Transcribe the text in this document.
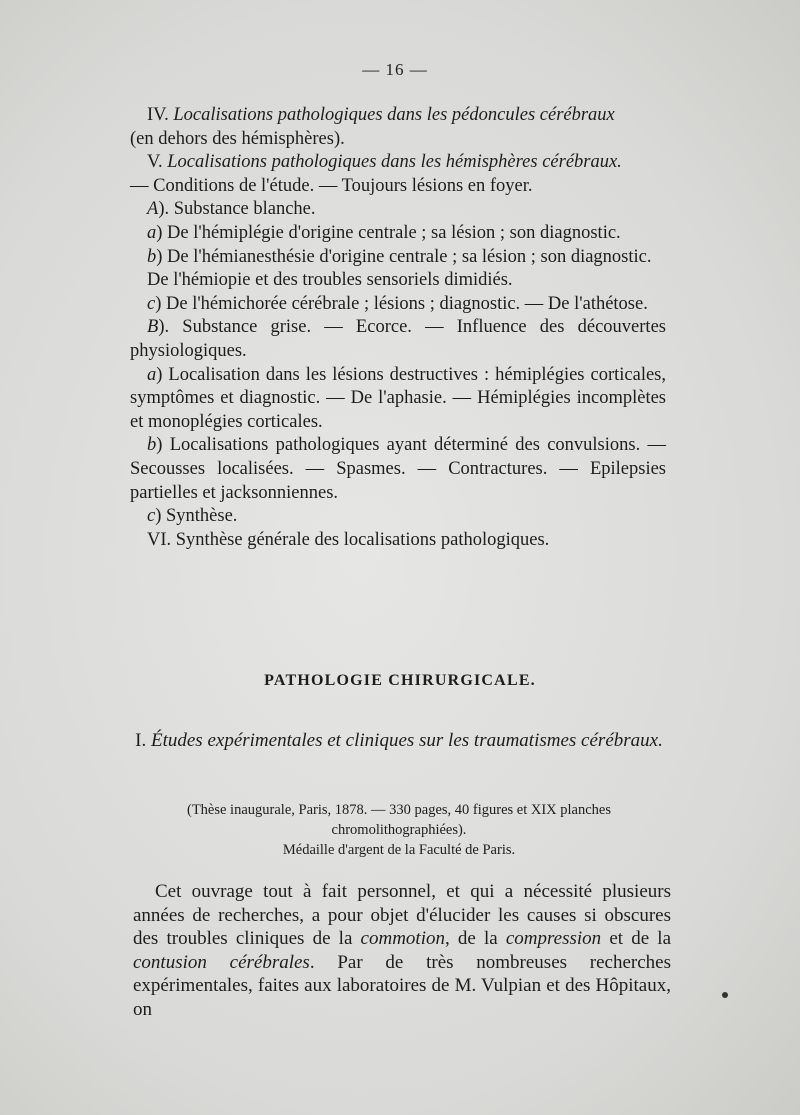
— 16 —

IV. Localisations pathologiques dans les pédoncules cérébraux

(en dehors des hémisphères).

V. Localisations pathologiques dans les hémisphères cérébraux.

— Conditions de l'étude. — Toujours lésions en foyer.

A). Substance blanche.

a) De l'hémiplégie d'origine centrale ; sa lésion ; son diagnostic.

b) De l'hémianesthésie d'origine centrale ; sa lésion ; son diagnostic.

De l'hémiopie et des troubles sensoriels dimidiés.

c) De l'hémichorée cérébrale ; lésions ; diagnostic. — De l'athétose.

B). Substance grise. — Ecorce. — Influence des découvertes physiologiques.

a) Localisation dans les lésions destructives : hémiplégies corticales, symptômes et diagnostic. — De l'aphasie. — Hémiplégies incomplètes et monoplégies corticales.

b) Localisations pathologiques ayant déterminé des convulsions. — Secousses localisées. — Spasmes. — Contractures. — Epilepsies partielles et jacksonniennes.

c) Synthèse.

VI. Synthèse générale des localisations pathologiques.

PATHOLOGIE CHIRURGICALE.
I. Études expérimentales et cliniques sur les traumatismes cérébraux.
(Thèse inaugurale, Paris, 1878. — 330 pages, 40 figures et XIX planches chromolithographiées).
Médaille d'argent de la Faculté de Paris.

Cet ouvrage tout à fait personnel, et qui a nécessité plusieurs années de recherches, a pour objet d'élucider les causes si obscures des troubles cliniques de la commotion, de la compression et de la contusion cérébrales. Par de très nombreuses recherches expérimentales, faites aux laboratoires de M. Vulpian et des Hôpitaux, on
